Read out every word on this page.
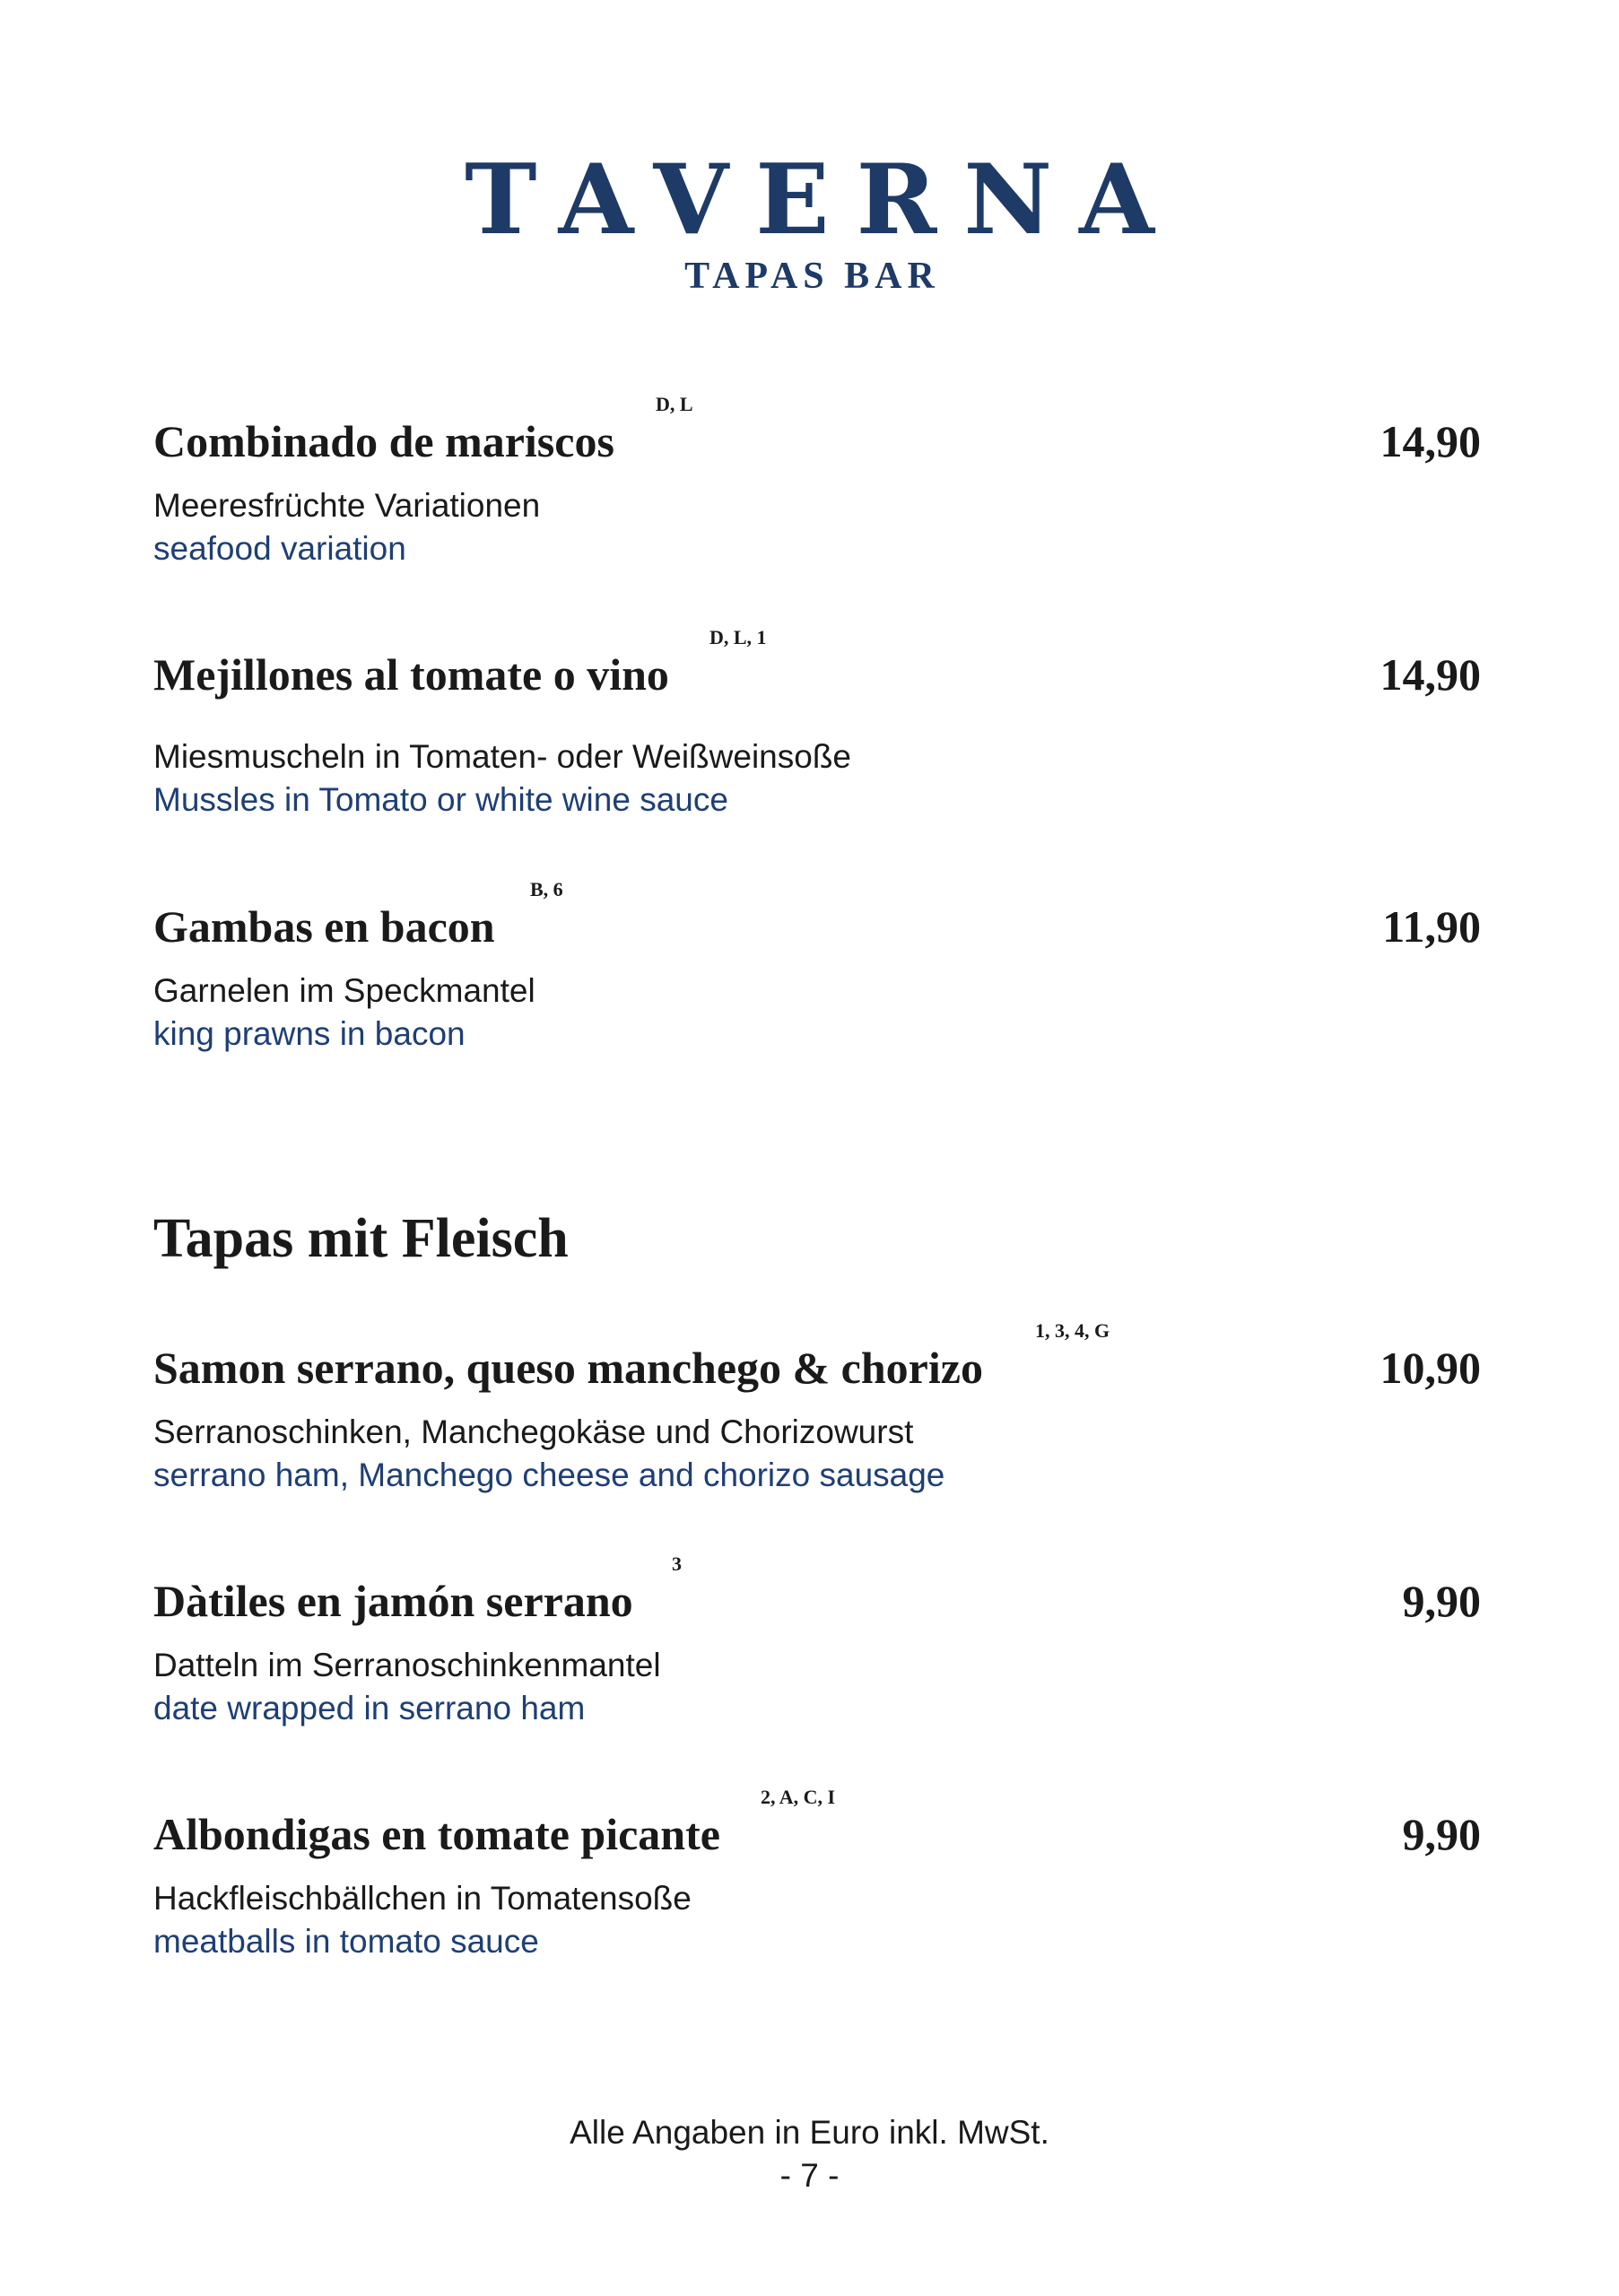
TAVERNA
TAPAS BAR
Combinado de mariscos
D, L
14,90
Meeresfrüchte Variationen
seafood variation
Mejillones al tomate o vino
D, L, 1
14,90
Miesmuscheln in Tomaten- oder Weißweinsoße
Mussles in Tomato or white wine sauce
Gambas en bacon
B, 6
11,90
Garnelen im Speckmantel
king prawns in bacon
Tapas mit Fleisch
Samon serrano, queso manchego & chorizo
1, 3, 4, G
10,90
Serranoschinken, Manchegokäse und Chorizowurst
serrano ham, Manchego cheese and chorizo sausage
Dàtiles en jamón serrano
3
9,90
Datteln im Serranoschinkenmantel
date wrapped in serrano ham
Albondigas en tomate picante
2, A, C, I
9,90
Hackfleischbällchen in Tomatensoße
meatballs in tomato sauce
Alle Angaben in Euro inkl. MwSt.
- 7 -
